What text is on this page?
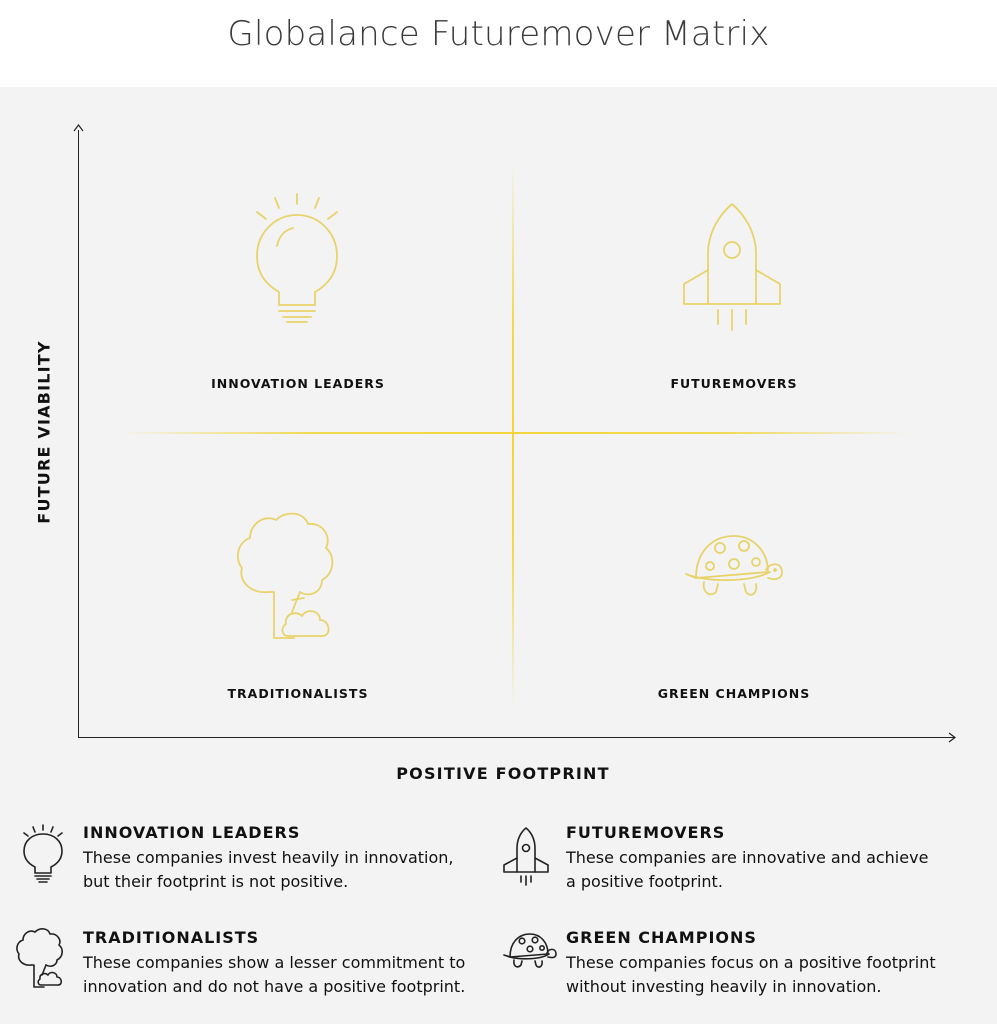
Globalance Futuremover Matrix
FUTURE VIABILITY
POSITIVE FOOTPRINT
INNOVATION LEADERS	FUTUREMOVERS
TRADITIONALISTS	GREEN CHAMPIONS
INNOVATION LEADERS
These companies invest heavily in innovation,
but their footprint is not positive.
FUTUREMOVERS
These companies are innovative and achieve
a positive footprint.
TRADITIONALISTS
These companies show a lesser commitment to
innovation and do not have a positive footprint.
GREEN CHAMPIONS
These companies focus on a positive footprint
without investing heavily in innovation.
